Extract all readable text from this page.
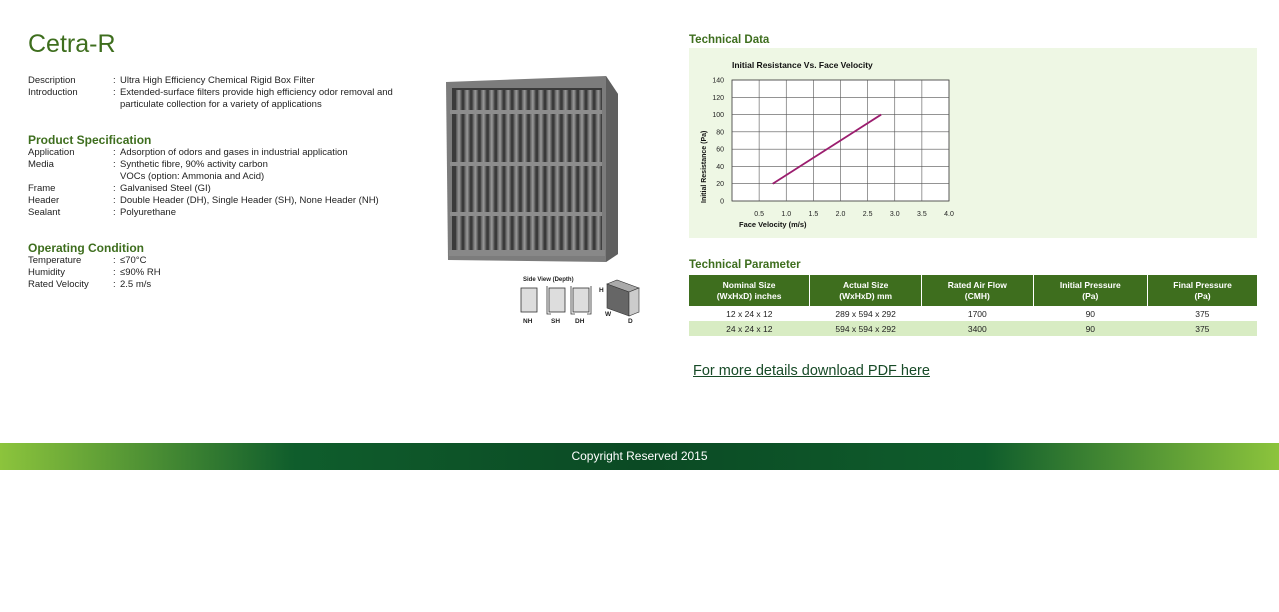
Cetra-R
Description	: Ultra High Efficiency Chemical Rigid Box Filter
Introduction	: Extended-surface filters provide high efficiency odor removal and
particulate collection for a variety of applications
Product Specification
Application	: Adsorption of odors and gases in industrial application
Media	: Synthetic fibre, 90% activity carbon
VOCs (option: Ammonia and Acid)
Frame	: Galvanised Steel (GI)
Header	: Double Header (DH), Single Header (SH), None Header (NH)
Sealant	: Polyurethane
Operating Condition
Temperature	: ≤70°C
Humidity	: ≤90% RH
Rated Velocity	: 2.5 m/s	Side View (Depth)
NH	SH DH
H
W
D
Technical Data
Initial Resistance Vs. Face Velocity
Face Velocity (m/s)
Initial Resistance (Pa) 0
20
40
60
80
100
120
140
0.5 1.0 1.5 2.0 2.5 3.0 3.5 4.0
Technical Parameter
Nominal Size
(WxHxD) inches	Actual Size
(WxHxD) mm	Rated Air Flow
(CMH)	Initial Pressure
(Pa)	Final Pressure
(Pa)
12 x 24 x 12	289 x 594 x 292	1700	90	375
24 x 24 x 12	594 x 594 x 292	3400	90	375
For more details download PDF here
Copyright Reserved 2015
